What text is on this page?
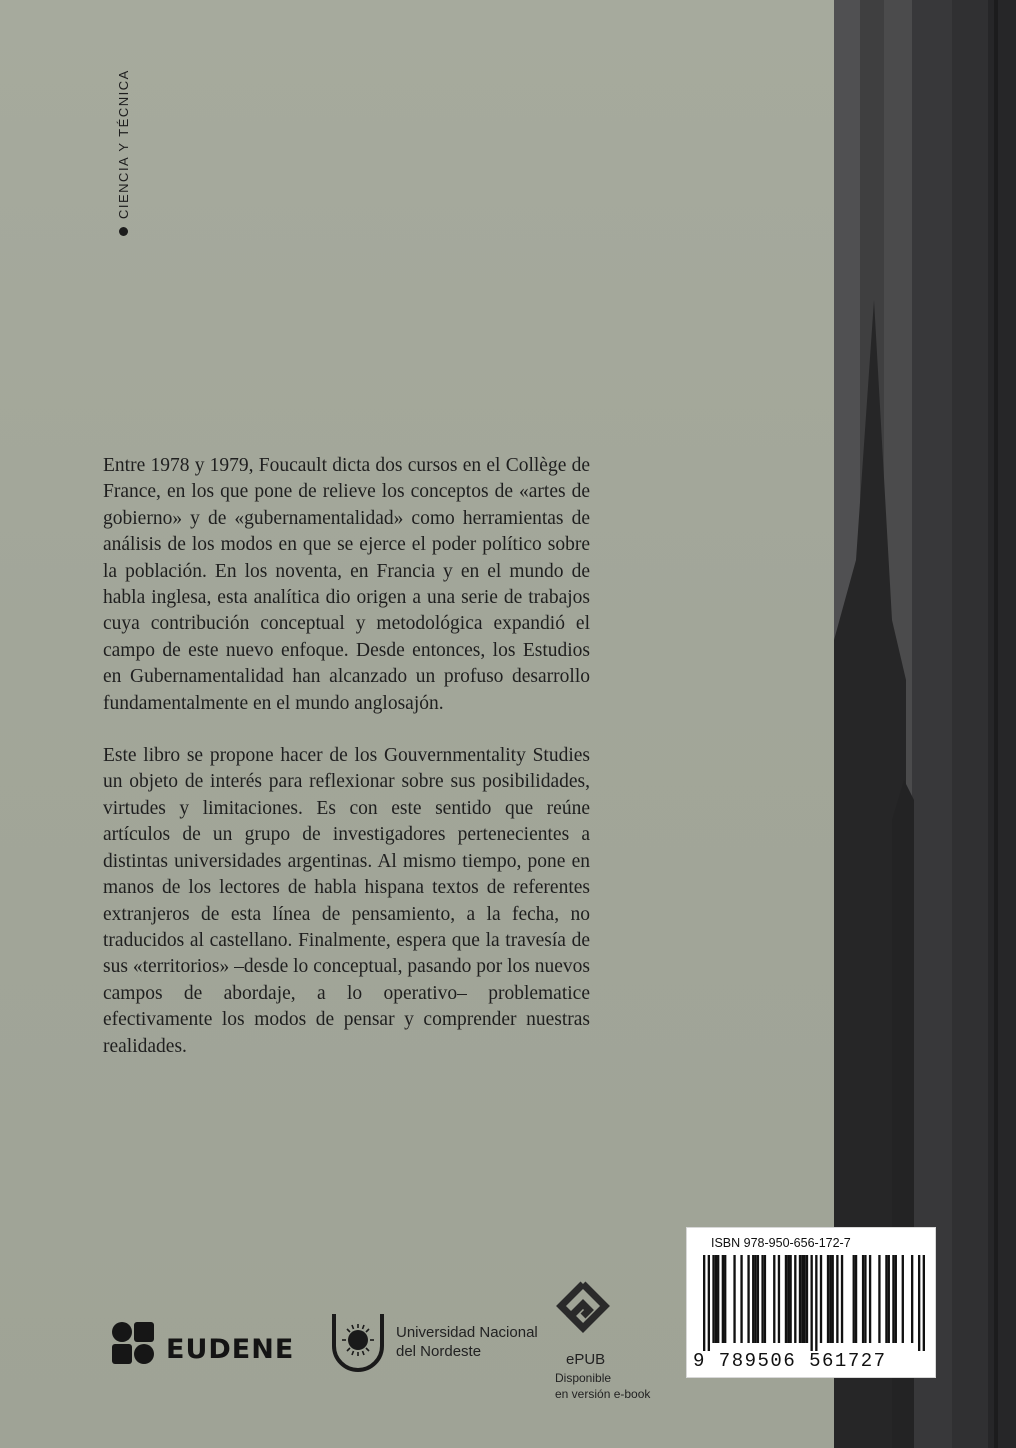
CIENCIA Y TÉCNICA

Entre 1978 y 1979, Foucault dicta dos cursos en el Collège de France, en los que pone de relieve los conceptos de «artes de gobierno» y de «gubernamentalidad» como herramientas de análisis de los modos en que se ejerce el poder político sobre la población. En los noventa, en Francia y en el mundo de habla inglesa, esta analítica dio origen a una serie de trabajos cuya contribución conceptual y metodológica expandió el campo de este nuevo enfoque. Desde entonces, los Estudios en Gubernamentalidad han alcanzado un profuso desarrollo fundamentalmente en el mundo anglosajón.

Este libro se propone hacer de los Gouvernmentality Studies un objeto de interés para reflexionar sobre sus posibilidades, virtudes y limitaciones. Es con este sentido que reúne artículos de un grupo de investigadores pertenecientes a distintas universidades argentinas. Al mismo tiempo, pone en manos de los lectores de habla hispana textos de referentes extranjeros de esta línea de pensamiento, a la fecha, no traducidos al castellano. Finalmente, espera que la travesía de sus «territorios» –desde lo conceptual, pasando por los nuevos campos de abordaje, a lo operativo– problematice efectivamente los modos de pensar y comprender nuestras realidades.

EUDENE
Universidad Nacional
del Nordeste	ePUB
Disponible
en versión e-book
ISBN 978-950-656-172-7
9 789506 561727
